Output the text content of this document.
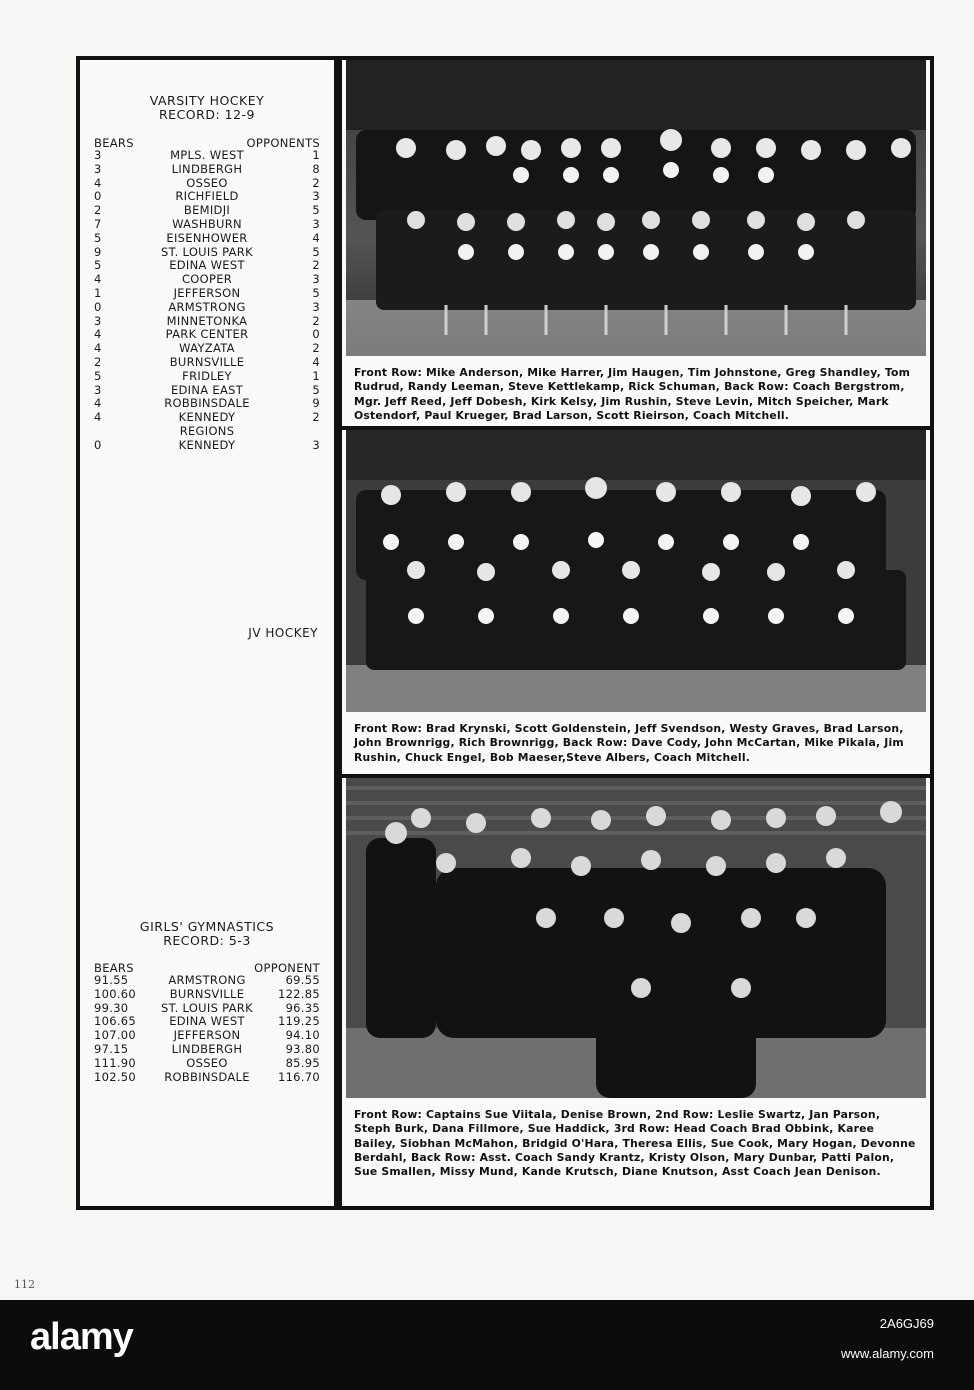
VARSITY HOCKEY
RECORD: 12-9
BEARS	OPPONENTS
3	MPLS. WEST	1
3	LINDBERGH	8
4	OSSEO	2
0	RICHFIELD	3
2	BEMIDJI	5
7	WASHBURN	3
5	EISENHOWER	4
9	ST. LOUIS PARK	5
5	EDINA WEST	2
4	COOPER	3
1	JEFFERSON	5
0	ARMSTRONG	3
3	MINNETONKA	2
4	PARK CENTER	0
4	WAYZATA	2
2	BURNSVILLE	4
5	FRIDLEY	1
3	EDINA EAST	5
4	ROBBINSDALE	9
4	KENNEDY	2
REGIONS
0	KENNEDY	3
JV HOCKEY
GIRLS' GYMNASTICS
RECORD: 5-3
BEARS	OPPONENT
91.55	ARMSTRONG	69.55
100.60	BURNSVILLE	122.85
99.30	ST. LOUIS PARK	96.35
106.65	EDINA WEST	119.25
107.00	JEFFERSON	94.10
97.15	LINDBERGH	93.80
111.90	OSSEO	85.95
102.50	ROBBINSDALE	116.70
Front Row: Mike Anderson, Mike Harrer, Jim Haugen, Tim Johnstone, Greg Shandley, Tom Rudrud, Randy Leeman, Steve Kettlekamp, Rick Schuman, Back Row: Coach Bergstrom, Mgr. Jeff Reed, Jeff Dobesh, Kirk Kelsy, Jim Rushin, Steve Levin, Mitch Speicher, Mark Ostendorf, Paul Krueger, Brad Larson, Scott Rieirson, Coach Mitchell.
Front Row: Brad Krynski, Scott Goldenstein, Jeff Svendson, Westy Graves, Brad Larson, John Brownrigg, Rich Brownrigg, Back Row: Dave Cody, John McCartan, Mike Pikala, Jim Rushin, Chuck Engel, Bob Maeser,Steve Albers, Coach Mitchell.
Front Row: Captains Sue Viitala, Denise Brown, 2nd Row: Leslie Swartz, Jan Parson, Steph Burk, Dana Fillmore, Sue Haddick, 3rd Row: Head Coach Brad Obbink, Karee Bailey, Siobhan McMahon, Bridgid O'Hara, Theresa Ellis, Sue Cook, Mary Hogan, Devonne Berdahl, Back Row: Asst. Coach Sandy Krantz, Kristy Olson, Mary Dunbar, Patti Palon, Sue Smallen, Missy Mund, Kande Krutsch, Diane Knutson, Asst Coach Jean Denison.
112
alamy	2A6GJ69
www.alamy.com
